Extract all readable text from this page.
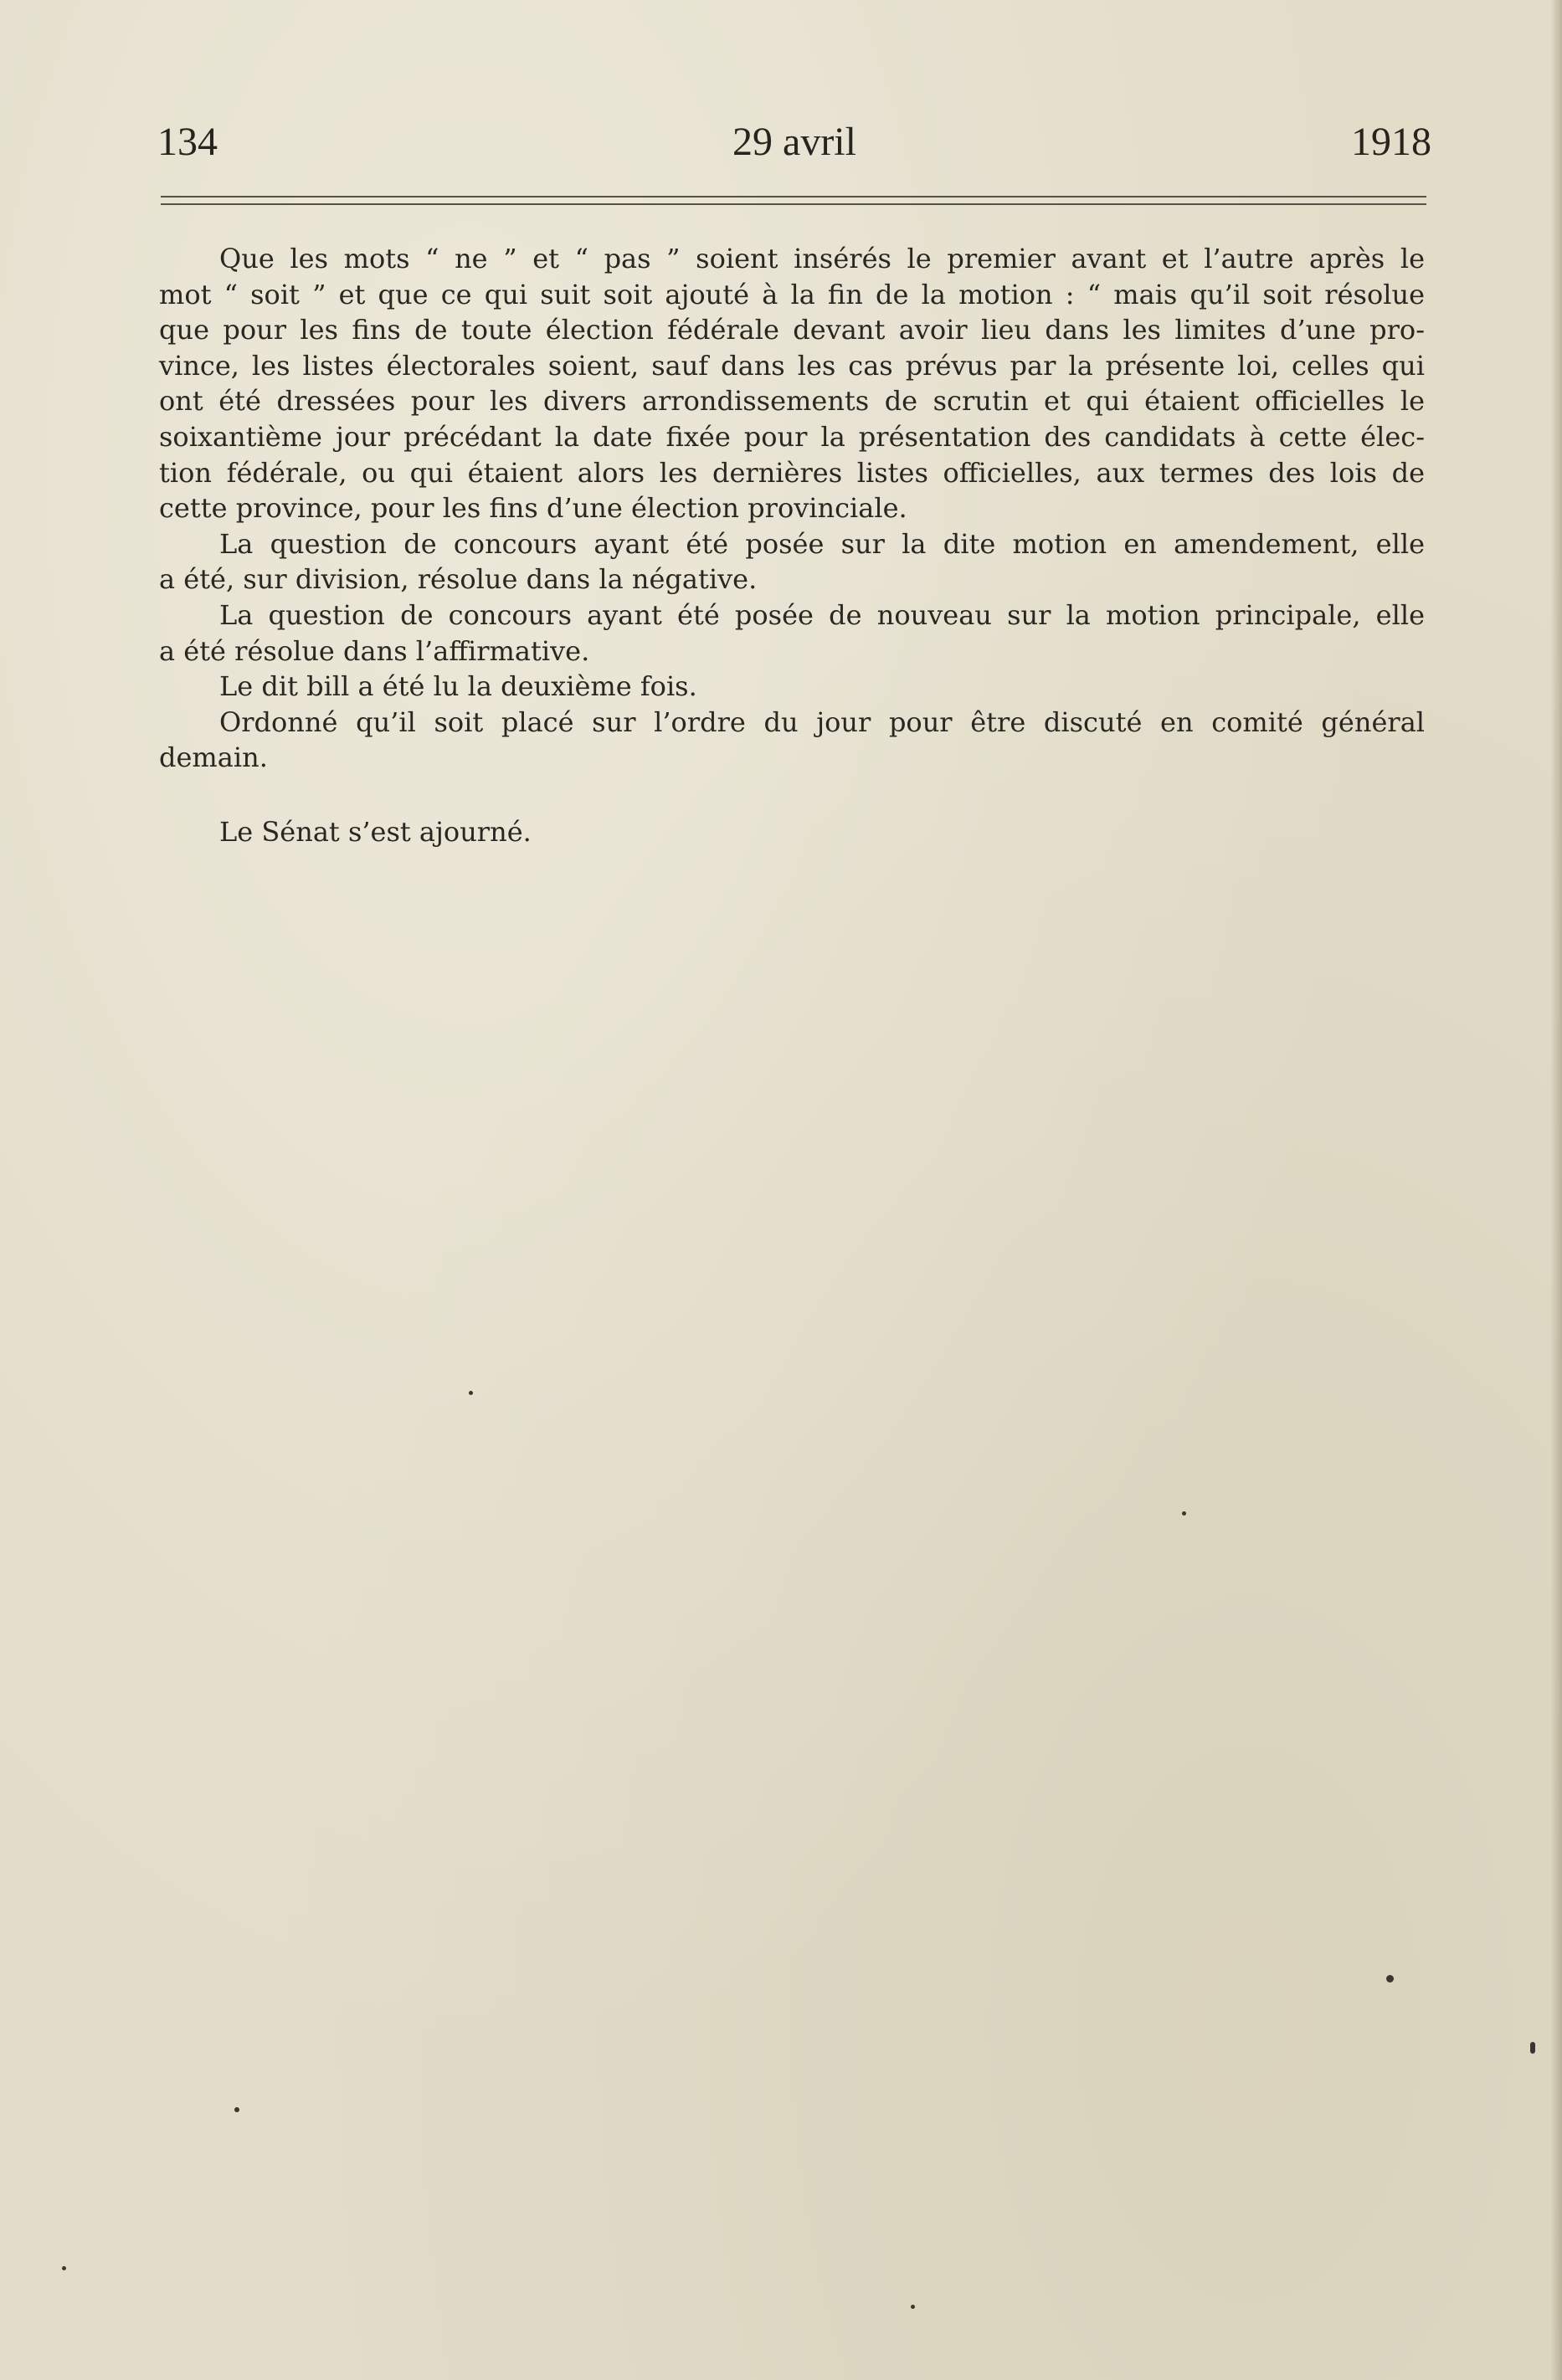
134	29 avril	1918
Que les mots “ ne ” et “ pas ” soient insérés le premier avant et l’autre après le
mot “ soit ” et que ce qui suit soit ajouté à la fin de la motion : “ mais qu’il soit résolue
que pour les fins de toute élection fédérale devant avoir lieu dans les limites d’une pro-
vince, les listes électorales soient, sauf dans les cas prévus par la présente loi, celles qui
ont été dressées pour les divers arrondissements de scrutin et qui étaient officielles le
soixantième jour précédant la date fixée pour la présentation des candidats à cette élec-
tion fédérale, ou qui étaient alors les dernières listes officielles, aux termes des lois de
cette province, pour les fins d’une élection provinciale.
La question de concours ayant été posée sur la dite motion en amendement, elle
a été, sur division, résolue dans la négative.
La question de concours ayant été posée de nouveau sur la motion principale, elle
a été résolue dans l’affirmative.
Le dit bill a été lu la deuxième fois.
Ordonné qu’il soit placé sur l’ordre du jour pour être discuté en comité général
demain.
Le Sénat s’est ajourné.
